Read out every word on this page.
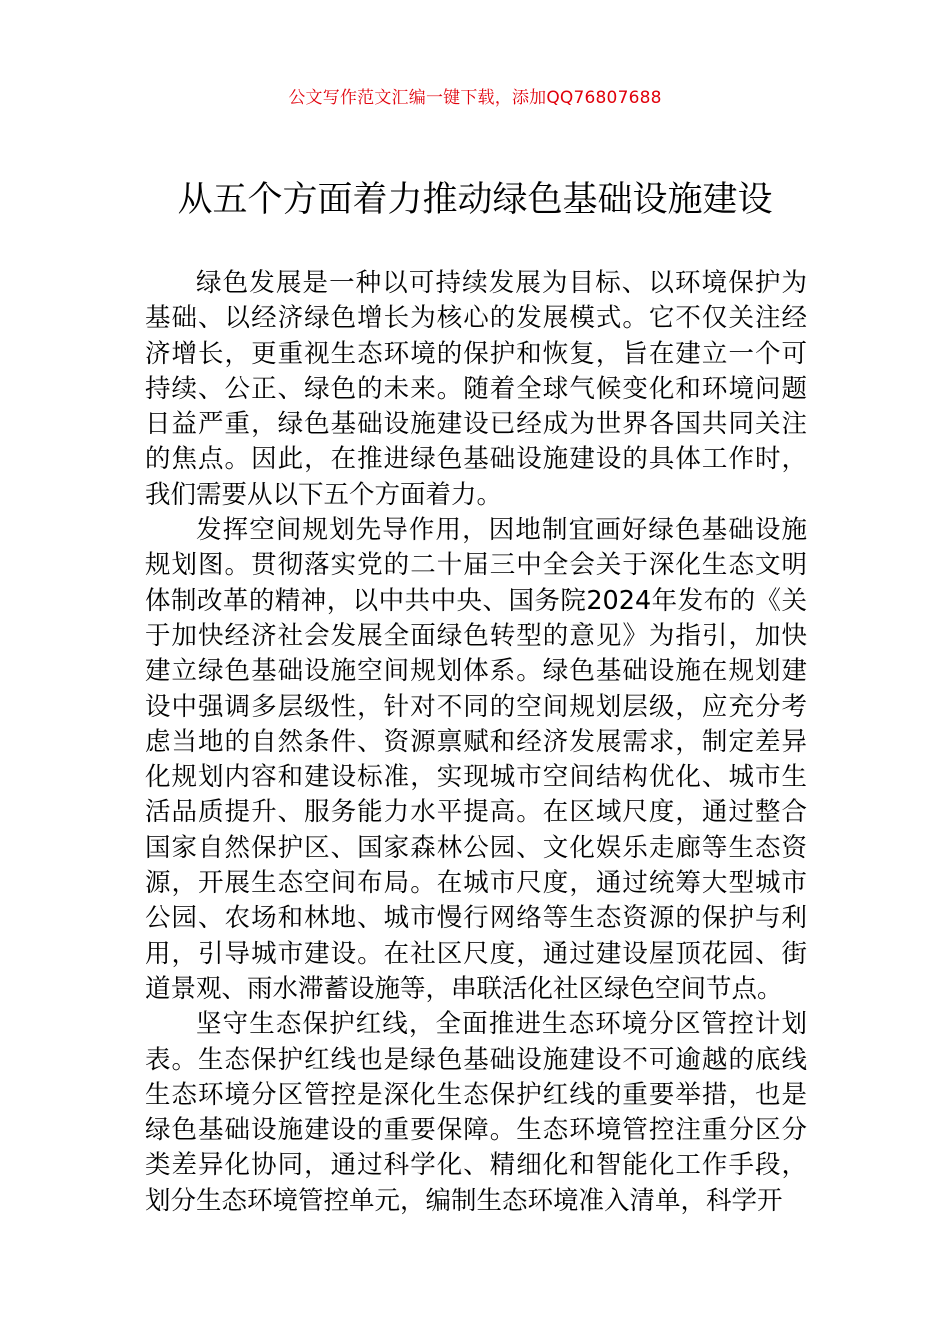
公文写作范文汇编一键下载，添加QQ76807688
从五个方面着力推动绿色基础设施建设

绿色发展是一种以可持续发展为目标、以环境保护为基础、以经济绿色增长为核心的发展模式。它不仅关注经济增长，更重视生态环境的保护和恢复，旨在建立一个可持续、公正、绿色的未来。随着全球气候变化和环境问题日益严重，绿色基础设施建设已经成为世界各国共同关注的焦点。因此，在推进绿色基础设施建设的具体工作时，我们需要从以下五个方面着力。

发挥空间规划先导作用，因地制宜画好绿色基础设施规划图。贯彻落实党的二十届三中全会关于深化生态文明体制改革的精神，以中共中央、国务院2024年发布的《关于加快经济社会发展全面绿色转型的意见》为指引，加快建立绿色基础设施空间规划体系。绿色基础设施在规划建设中强调多层级性，针对不同的空间规划层级，应充分考虑当地的自然条件、资源禀赋和经济发展需求，制定差异化规划内容和建设标准，实现城市空间结构优化、城市生活品质提升、服务能力水平提高。在区域尺度，通过整合国家自然保护区、国家森林公园、文化娱乐走廊等生态资源，开展生态空间布局。在城市尺度，通过统筹大型城市公园、农场和林地、城市慢行网络等生态资源的保护与利用，引导城市建设。在社区尺度，通过建设屋顶花园、街道景观、雨水滞蓄设施等，串联活化社区绿色空间节点。

坚守生态保护红线，全面推进生态环境分区管控计划表。生态保护红线也是绿色基础设施建设不可逾越的底线生态环境分区管控是深化生态保护红线的重要举措，也是绿色基础设施建设的重要保障。生态环境管控注重分区分类差异化协同，通过科学化、精细化和智能化工作手段，划分生态环境管控单元，编制生态环境准入清单，科学开
